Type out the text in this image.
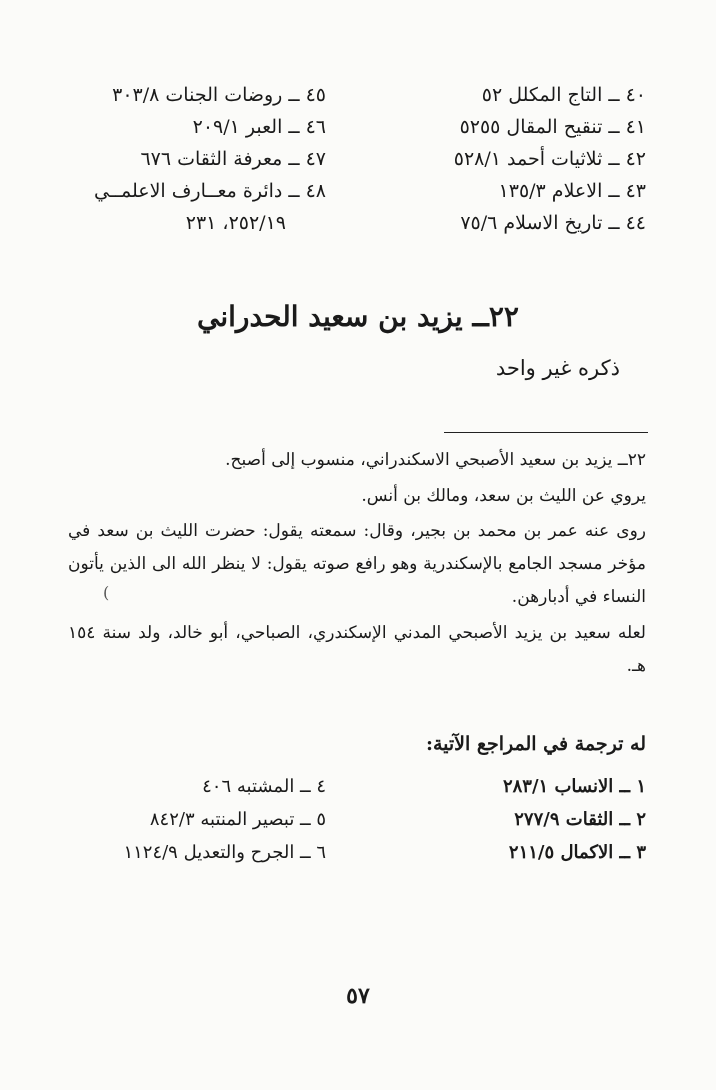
٤٠ ــ التاج المكلل ٥٢
٤١ ــ تنقيح المقال ٥٢٥٥
٤٢ ــ ثلاثيات أحمد ٥٢٨/١
٤٣ ــ الاعلام ١٣٥/٣
٤٤ ــ تاريخ الاسلام ٧٥/٦
٤٥ ــ روضات الجنات ٣٠٣/٨
٤٦ ــ العبر ٢٠٩/١
٤٧ ــ معرفة الثقات ٦٧٦
٤٨ ــ دائرة معــارف الاعلمــي
٢٥٢/١٩، ٢٣١
٢٢ــ يزيد بن سعيد الحدراني
ذكره غير واحد
٢٢ــ يزيد بن سعيد الأصبحي الاسكندراني، منسوب إلى أصبح.
يروي عن الليث بن سعد، ومالك بن أنس.
روى عنه عمر بن محمد بن بجير، وقال: سمعته يقول: حضرت الليث بن سعد في مؤخر مسجد الجامع بالإسكندرية وهو رافع صوته يقول: لا ينظر الله الى الذين يأتون النساء في أدبارهن.
لعله سعيد بن يزيد الأصبحي المدني الإسكندري، الصباحي، أبو خالد، ولد سنة ١٥٤ هـ.
(
له ترجمة في المراجع الآتية:
١ ــ الانساب ٢٨٣/١
٢ ــ الثقات ٢٧٧/٩
٣ ــ الاكمال ٢١١/٥
٤ ــ المشتبه ٤٠٦
٥ ــ تبصير المنتبه ٨٤٢/٣
٦ ــ الجرح والتعديل ١١٢٤/٩
٥٧
